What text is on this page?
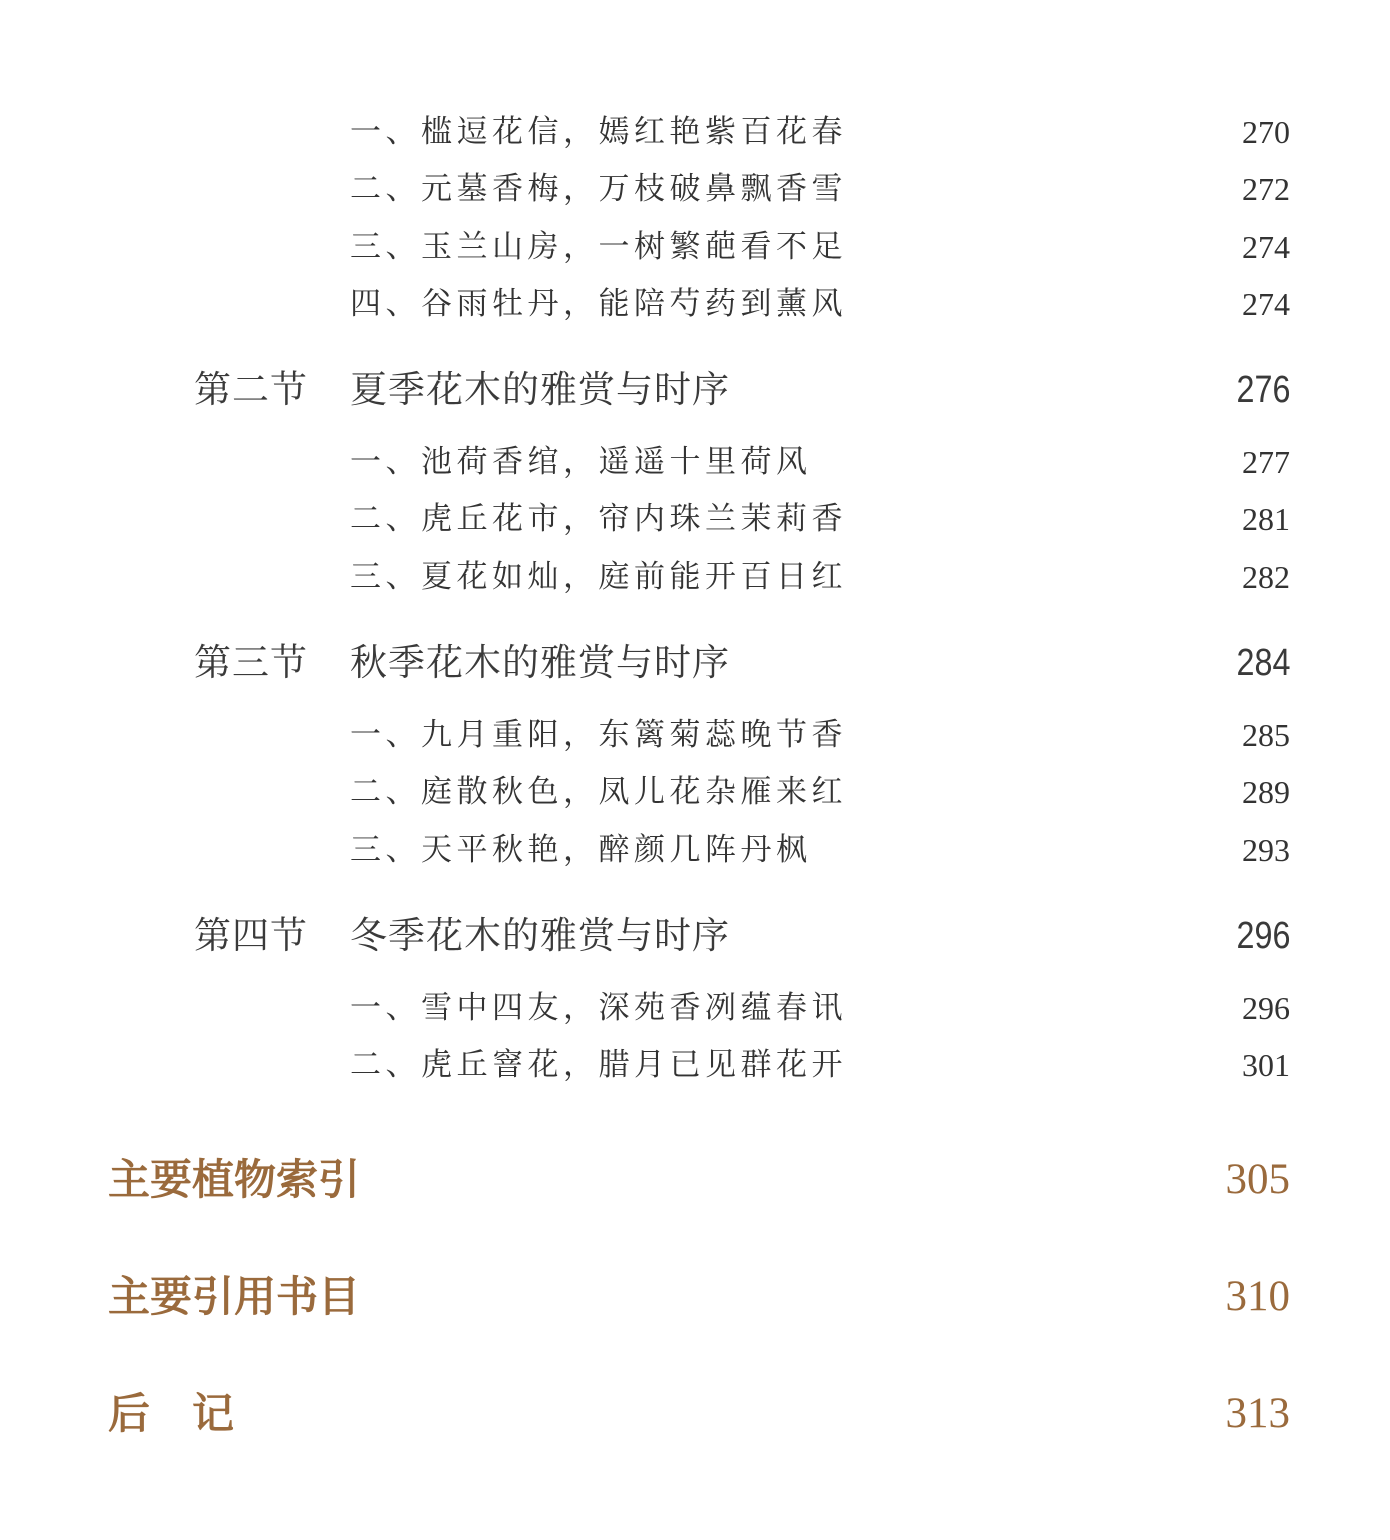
一、槛逗花信，嫣红艳紫百花春	270
二、元墓香梅，万枝破鼻飘香雪	272
三、玉兰山房，一树繁葩看不足	274
四、谷雨牡丹，能陪芍药到薰风	274
第二节 夏季花木的雅赏与时序	276
一、池荷香绾，遥遥十里荷风	277
二、虎丘花市，帘内珠兰茉莉香	281
三、夏花如灿，庭前能开百日红	282
第三节 秋季花木的雅赏与时序	284
一、九月重阳，东篱菊蕊晚节香	285
二、庭散秋色，凤儿花杂雁来红	289
三、天平秋艳，醉颜几阵丹枫	293
第四节 冬季花木的雅赏与时序	296
一、雪中四友，深苑香冽蕴春讯	296
二、虎丘窨花，腊月已见群花开	301
主要植物索引	305
主要引用书目	310
后　记	313
